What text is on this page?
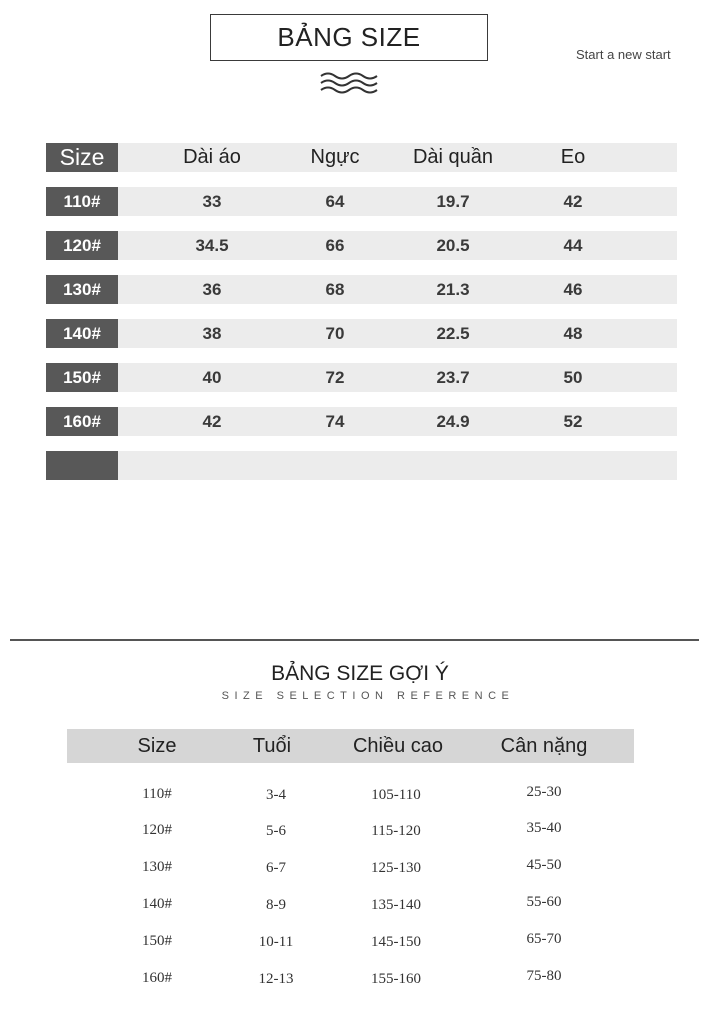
BẢNG SIZE
Start a new start
Size	Dài áo	Ngực	Dài quần	Eo
110#	33	64	19.7	42
120#	34.5	66	20.5	44
130#	36	68	21.3	46
140#	38	70	22.5	48
150#	40	72	23.7	50
160#	42	74	24.9	52
BẢNG SIZE GỢI Ý
SIZE SELECTION REFERENCE
Size	Tuổi	Chiều cao	Cân nặng
110#	3-4	105-110	25-30
120#	5-6	115-120	35-40
130#	6-7	125-130	45-50
140#	8-9	135-140	55-60
150#	10-11	145-150	65-70
160#	12-13	155-160	75-80
